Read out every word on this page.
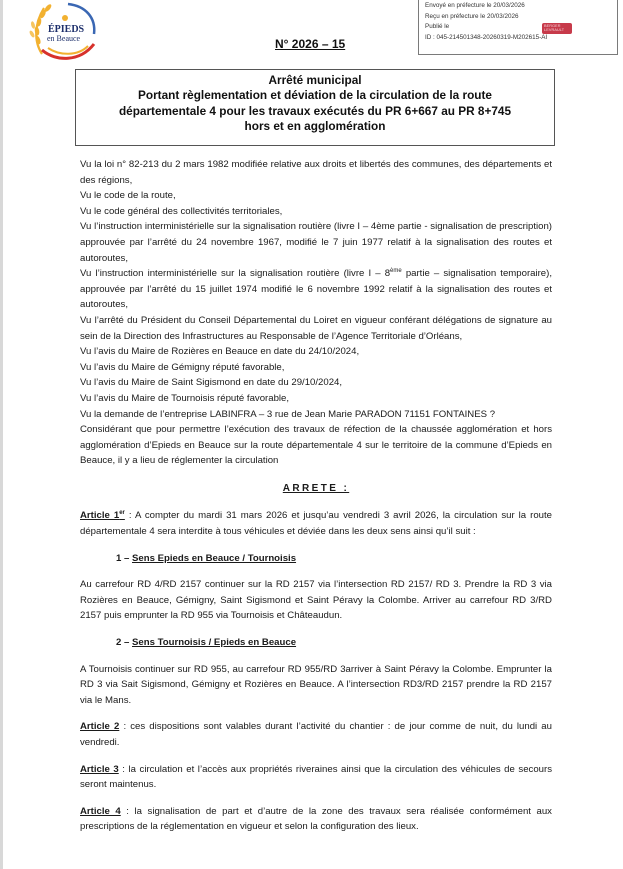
ÉPIEDS
en Beauce
Envoyé en préfecture le 20/03/2026
Reçu en préfecture le 20/03/2026
Publié le
ID : 045-214501348-20260319-M202615-AI
BERGER
LEVRAULT
N° 2026 – 15
Arrêté municipal
Portant règlementation et déviation de la circulation de la route
départementale 4 pour les travaux exécutés du PR 6+667 au PR 8+745
hors et en agglomération
Vu la loi n° 82-213 du 2 mars 1982 modifiée relative aux droits et libertés des communes, des départements et des régions,
Vu le code de la route,
Vu le code général des collectivités territoriales,
Vu l’instruction interministérielle sur la signalisation routière (livre I – 4ème partie - signalisation de prescription) approuvée par l’arrêté du 24 novembre 1967, modifié le 7 juin 1977 relatif à la signalisation des routes et autoroutes,
Vu l’instruction interministérielle sur la signalisation routière (livre I – 8ème partie – signalisation temporaire), approuvée par l’arrêté du 15 juillet 1974 modifié le 6 novembre 1992 relatif à la signalisation des routes et autoroutes,
Vu l’arrêté du Président du Conseil Départemental du Loiret en vigueur conférant délégations de signature au sein de la Direction des Infrastructures au Responsable de l’Agence Territoriale d’Orléans,
Vu l’avis du Maire de Rozières en Beauce en date du 24/10/2024,
Vu l’avis du Maire de Gémigny réputé favorable,
Vu l’avis du Maire de Saint Sigismond en date du 29/10/2024,
Vu l’avis du Maire de Tournoisis réputé favorable,
Vu la demande de l’entreprise LABINFRA – 3 rue de Jean Marie PARADON 71151 FONTAINES ?
Considérant que pour permettre l’exécution des travaux de réfection de la chaussée agglomération et hors agglomération d’Epieds en Beauce sur la route départementale 4 sur le territoire de la commune d’Epieds en Beauce, il y a lieu de réglementer la circulation
ARRETE :
Article 1er : A compter du mardi 31 mars 2026 et jusqu’au vendredi 3 avril 2026, la circulation sur la route départementale 4 sera interdite à tous véhicules et déviée dans les deux sens ainsi qu’il suit :
1 – Sens Epieds en Beauce / Tournoisis
Au carrefour RD 4/RD 2157 continuer sur la RD 2157 via l’intersection RD 2157/ RD 3. Prendre la RD 3 via Rozières en Beauce, Gémigny, Saint Sigismond et Saint Péravy la Colombe. Arriver au carrefour RD 3/RD 2157 puis emprunter la RD 955 via Tournoisis et Châteaudun.
2 – Sens Tournoisis / Epieds en Beauce
A Tournoisis continuer sur RD 955, au carrefour RD 955/RD 3arriver à Saint Péravy la Colombe. Emprunter la RD 3 via Sait Sigismond, Gémigny et Rozières en Beauce. A l’intersection RD3/RD 2157 prendre la RD 2157 via le Mans.
Article 2 : ces dispositions sont valables durant l’activité du chantier : de jour comme de nuit, du lundi au vendredi.
Article 3 : la circulation et l’accès aux propriétés riveraines ainsi que la circulation des véhicules de secours seront maintenus.
Article 4 : la signalisation de part et d’autre de la zone des travaux sera réalisée conformément aux prescriptions de la réglementation en vigueur et selon la configuration des lieux.
